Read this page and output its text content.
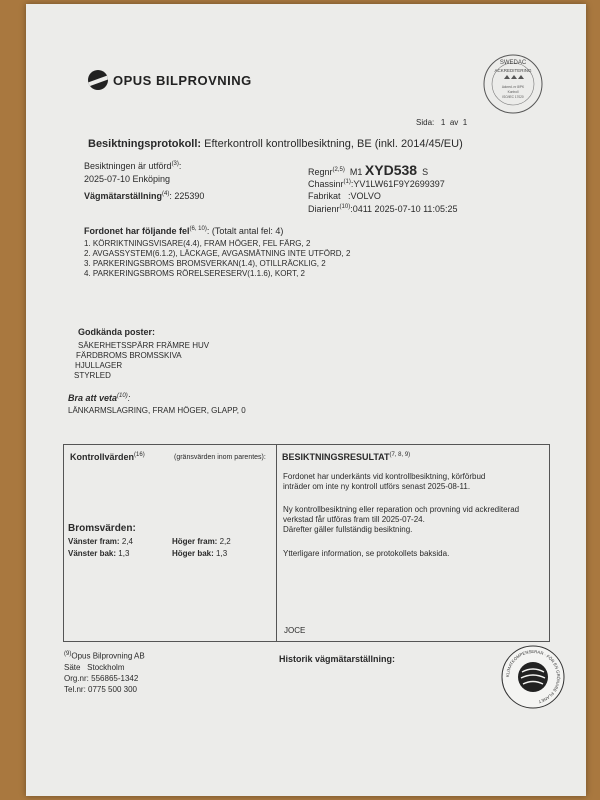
OPUS BILPROVNING
SWEDAC
ACKREDITERING
Ackred. nr 8/PK
Kontroll
ISO/IEC 17020
Sida: 1 av 1
Besiktningsprotokoll: Efterkontroll kontrollbesiktning, BE (inkl. 2014/45/EU)
Besiktningen är utförd$^{(3)}$:
2025-07-10 Enköping
Vägmätarställning$^{(4)}$: 225390
Regnr$^{(2,5)}$ M1 XYD538 S
Chassinr$^{(1)}$:YV1LW61F9Y2699397
Fabrikat   :VOLVO
Diarienr$^{(10)}$:0411 2025-07-10 11:05:25
Fordonet har följande fel$^{(6, 10)}$: (Totalt antal fel: 4)
1. KÖRRIKTNINGSVISARE(4.4), FRAM HÖGER, FEL FÄRG, 2
2. AVGASSYSTEM(6.1.2), LÄCKAGE, AVGASMÄTNING INTE UTFÖRD, 2
3. PARKERINGSBROMS BROMSVERKAN(1.4), OTILLRÄCKLIG, 2
4. PARKERINGSBROMS RÖRELSERESERV(1.1.6), KORT, 2
Godkända poster:
SÄKERHETSSPÄRR FRÄMRE HUV
FÄRDBROMS BROMSSKIVA
HJULLAGER
STYRLED
Bra att veta$^{(10)}$:
LÄNKARMSLAGRING, FRAM HÖGER, GLAPP, 0
Kontrollvärden$^{(16)}$	(gränsvärden inom parentes):
Bromsvärden:
Vänster fram: 2,4	Höger fram: 2,2
Vänster bak: 1,3	Höger bak: 1,3
BESIKTNINGSRESULTAT$^{(7, 8, 9)}$
Fordonet har underkänts vid kontrollbesiktning, körförbud
inträder om inte ny kontroll utförs senast 2025-08-11.
Ny kontrollbesiktning eller reparation och provning vid ackrediterad
verkstad får utföras fram till 2025-07-24.
Därefter gäller fullständig besiktning.
Ytterligare information, se protokollets baksida.
JOCE
$^{(9)}$Opus Bilprovning AB
Säte Stockholm
Org.nr: 556865-1342
Tel.nr: 0775 500 300
Historik vägmätarställning:
KLIMATKOMPENSERAR · FÖR EN GRÖNARE PLANET
